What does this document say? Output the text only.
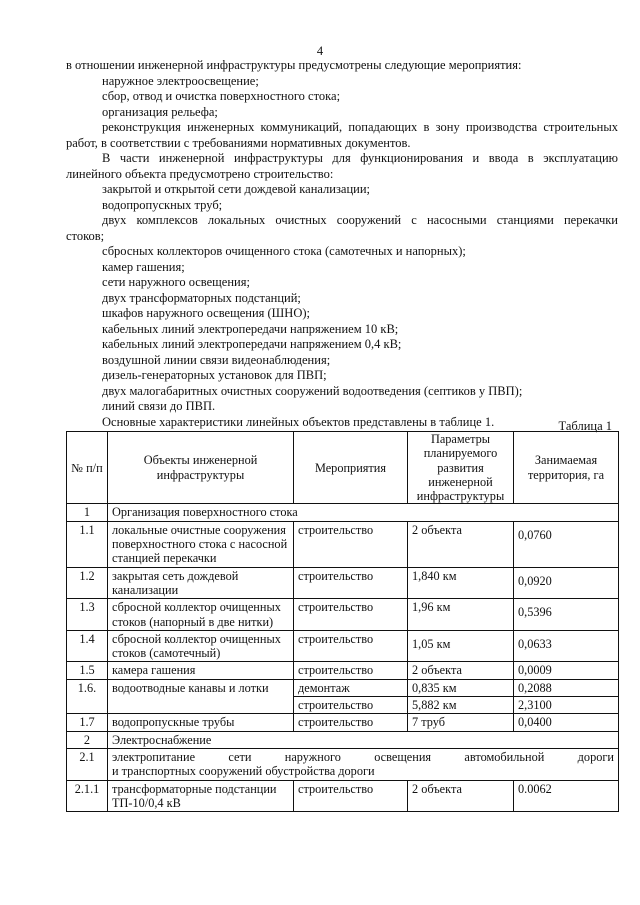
4

в отношении инженерной инфраструктуры предусмотрены следующие мероприятия:

наружное электроосвещение;

сбор, отвод и очистка поверхностного стока;

организация рельефа;

реконструкция инженерных коммуникаций, попадающих в зону производства строительных

работ, в соответствии с требованиями нормативных документов.

В части инженерной инфраструктуры для функционирования и ввода в эксплуатацию

линейного объекта предусмотрено строительство:

закрытой и открытой сети дождевой канализации;

водопропускных труб;

двух комплексов локальных очистных сооружений с насосными станциями перекачки

стоков;

сбросных коллекторов очищенного стока (самотечных и напорных);

камер гашения;

сети наружного освещения;

двух трансформаторных подстанций;

шкафов наружного освещения (ШНО);

кабельных линий электропередачи напряжением 10 кВ;

кабельных линий электропередачи напряжением 0,4 кВ;

воздушной линии связи видеонаблюдения;

дизель-генераторных установок для ПВП;

двух малогабаритных очистных сооружений водоотведения (септиков у ПВП);

линий связи до ПВП.

Основные характеристики линейных объектов представлены в таблице 1.	Таблица 1
№ п/п	Объекты инженерной инфраструктуры	Мероприятия	Параметры планируемого развития инженерной инфраструктуры	Занимаемая территория, га
1	Организация поверхностного стока			
1.1	локальные очистные сооружения поверхностного стока с насосной станцией перекачки	строительство	2 объекта	0,0760
1.2	закрытая сеть дождевой канализации	строительство	1,840 км	0,0920
1.3	сбросной коллектор очищенных стоков (напорный в две нитки)	строительство	1,96 км	0,5396
1.4	сбросной коллектор очищенных стоков (самотечный)	строительство	1,05 км	0,0633
1.5	камера гашения	строительство	2 объекта	0,0009
1.6.	водоотводные канавы и лотки	демонтаж	0,835 км	0,2088
		строительство	5,882 км	2,3100
1.7	водопропускные трубы	строительство	7 труб	0,0400
2	Электроснабжение			
2.1	электропитание сети наружного освещения автомобильной дороги
и транспортных сооружений обустройства дороги			

2.1.1	трансформаторные подстанции ТП-10/0,4 кВ	строительство	2 объекта	0.0062
